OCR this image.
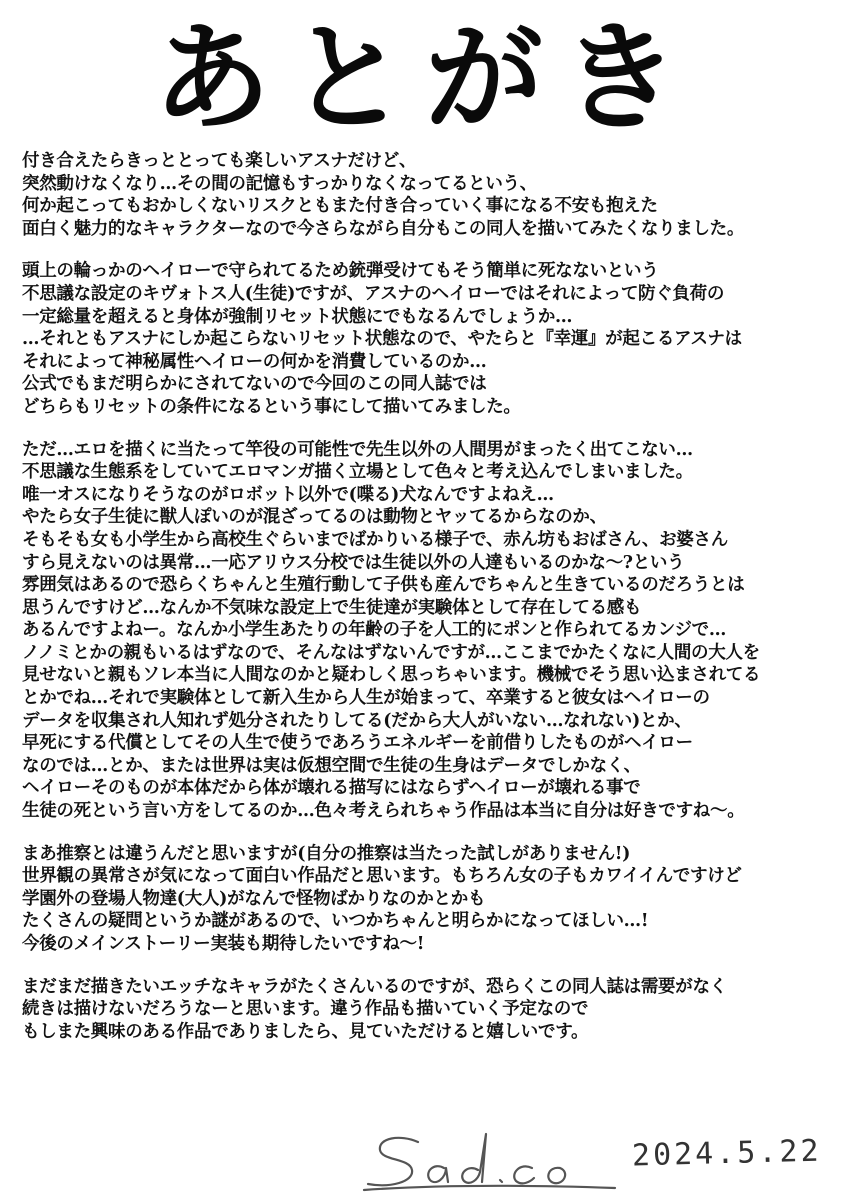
あとがき
付き合えたらきっととっても楽しいアスナだけど、
突然動けなくなり…その間の記憶もすっかりなくなってるという、
何か起こってもおかしくないリスクともまた付き合っていく事になる不安も抱えた
面白く魅力的なキャラクターなので今さらながら自分もこの同人を描いてみたくなりました。
頭上の輪っかのヘイローで守られてるため銃弾受けてもそう簡単に死なないという
不思議な設定のキヴォトス人(生徒)ですが、アスナのヘイローではそれによって防ぐ負荷の
一定総量を超えると身体が強制リセット状態にでもなるんでしょうか…
…それともアスナにしか起こらないリセット状態なので、やたらと『幸運』が起こるアスナは
それによって神秘属性ヘイローの何かを消費しているのか…
公式でもまだ明らかにされてないので今回のこの同人誌では
どちらもリセットの条件になるという事にして描いてみました。
ただ…エロを描くに当たって竿役の可能性で先生以外の人間男がまったく出てこない…
不思議な生態系をしていてエロマンガ描く立場として色々と考え込んでしまいました。
唯一オスになりそうなのがロボット以外で(喋る)犬なんですよねえ…
やたら女子生徒に獣人ぽいのが混ざってるのは動物とヤッてるからなのか、
そもそも女も小学生から高校生ぐらいまでばかりいる様子で、赤ん坊もおばさん、お婆さん
すら見えないのは異常…一応アリウス分校では生徒以外の人達もいるのかな～?という
雰囲気はあるので恐らくちゃんと生殖行動して子供も産んでちゃんと生きているのだろうとは
思うんですけど…なんか不気味な設定上で生徒達が実験体として存在してる感も
あるんですよねー。なんか小学生あたりの年齢の子を人工的にポンと作られてるカンジで…
ノノミとかの親もいるはずなので、そんなはずないんですが…ここまでかたくなに人間の大人を
見せないと親もソレ本当に人間なのかと疑わしく思っちゃいます。機械でそう思い込まされてる
とかでね…それで実験体として新入生から人生が始まって、卒業すると彼女はヘイローの
データを収集され人知れず処分されたりしてる(だから大人がいない…なれない)とか、
早死にする代償としてその人生で使うであろうエネルギーを前借りしたものがヘイロー
なのでは…とか、または世界は実は仮想空間で生徒の生身はデータでしかなく、
ヘイローそのものが本体だから体が壊れる描写にはならずヘイローが壊れる事で
生徒の死という言い方をしてるのか…色々考えられちゃう作品は本当に自分は好きですね～。
まあ推察とは違うんだと思いますが(自分の推察は当たった試しがありません!)
世界観の異常さが気になって面白い作品だと思います。もちろん女の子もカワイイんですけど
学園外の登場人物達(大人)がなんで怪物ばかりなのかとかも
たくさんの疑問というか謎があるので、いつかちゃんと明らかになってほしい…!
今後のメインストーリー実装も期待したいですね～!
まだまだ描きたいエッチなキャラがたくさんいるのですが、恐らくこの同人誌は需要がなく
続きは描けないだろうなーと思います。違う作品も描いていく予定なので
もしまた興味のある作品でありましたら、見ていただけると嬉しいです。
2024.5.22
